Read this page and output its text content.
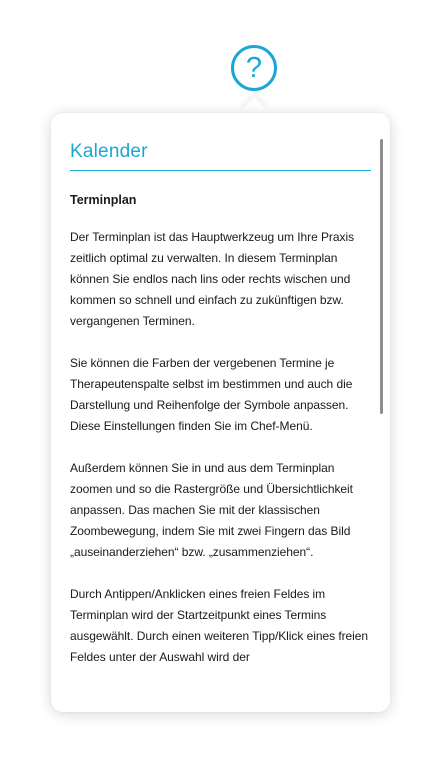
?
Kalender
Terminplan

Der Terminplan ist das Hauptwerkzeug um Ihre Praxis zeitlich optimal zu verwalten. In diesem Terminplan können Sie endlos nach lins oder rechts wischen und kommen so schnell und einfach zu zukünftigen bzw. vergangenen Terminen.

Sie können die Farben der vergebenen Termine je Therapeutenspalte selbst im bestimmen und auch die Darstellung und Reihenfolge der Symbole anpassen. Diese Einstellungen finden Sie im Chef-Menü.

Außerdem können Sie in und aus dem Terminplan zoomen und so die Rastergröße und Übersichtlichkeit anpassen. Das machen Sie mit der klassischen Zoombewegung, indem Sie mit zwei Fingern das Bild „auseinanderziehen“ bzw. „zusammenziehen“.

Durch Antippen/Anklicken eines freien Feldes im Terminplan wird der Startzeitpunkt eines Termins ausgewählt. Durch einen weiteren Tipp/Klick eines freien Feldes unter der Auswahl wird der
